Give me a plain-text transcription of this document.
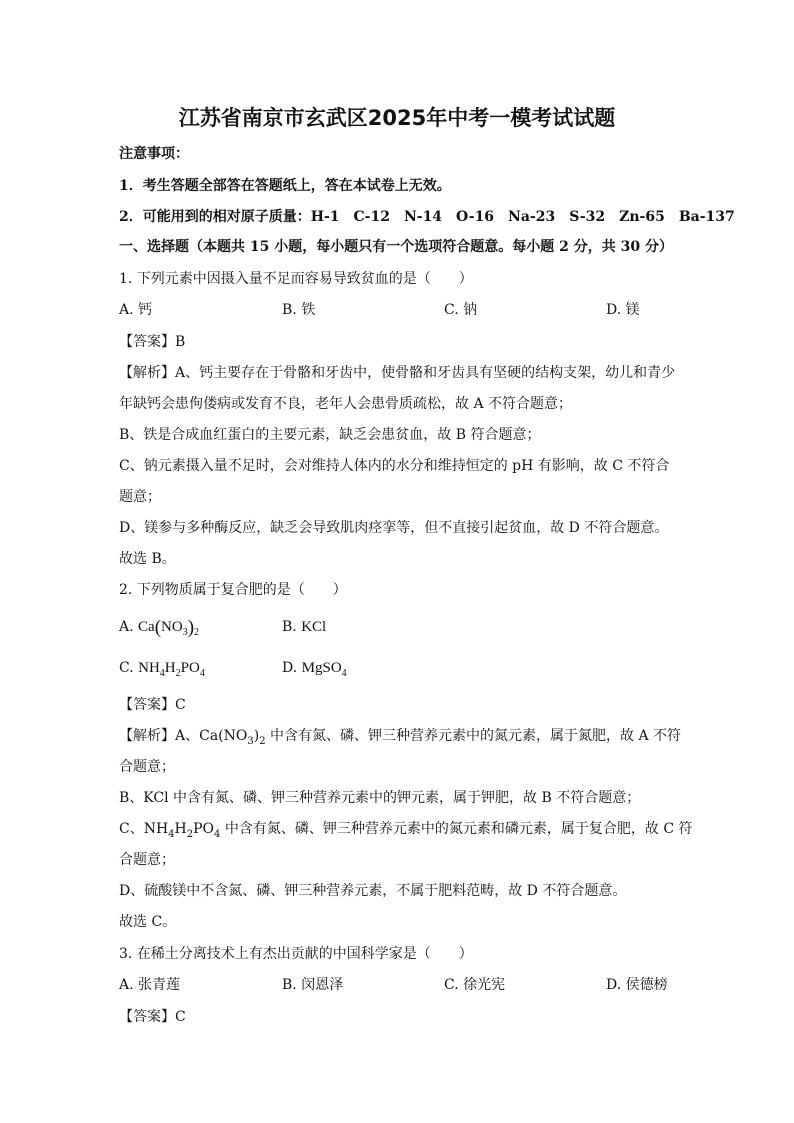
江苏省南京市玄武区2025年中考一模考试试题
注意事项：
1．考生答题全部答在答题纸上，答在本试卷上无效。
2．可能用到的相对原子质量：H-1　C-12　N-14　O-16　Na-23　S-32　Zn-65　Ba-137
一、选择题（本题共 15 小题，每小题只有一个选项符合题意。每小题 2 分，共 30 分）
1. 下列元素中因摄入量不足而容易导致贫血的是（　　）
A. 钙	B. 铁	C. 钠	D. 镁
【答案】B
【解析】A、钙主要存在于骨骼和牙齿中，使骨骼和牙齿具有坚硬的结构支架，幼儿和青少
年缺钙会患佝偻病或发育不良，老年人会患骨质疏松，故 A 不符合题意；
B、铁是合成血红蛋白的主要元素，缺乏会患贫血，故 B 符合题意；
C、钠元素摄入量不足时，会对维持人体内的水分和维持恒定的 pH 有影响，故 C 不符合
题意；
D、镁参与多种酶反应，缺乏会导致肌肉痉挛等，但不直接引起贫血，故 D 不符合题意。
故选 B。
2. 下列物质属于复合肥的是（　　）
A. $Ca(NO_3)_2$	B. KCl
C. $NH_4H_2PO_4$	D. MgSO$_4$
【答案】C
【解析】A、$Ca(NO_3)_2$ 中含有氮、磷、钾三种营养元素中的氮元素，属于氮肥，故 A 不符
合题意；
B、KCl 中含有氮、磷、钾三种营养元素中的钾元素，属于钾肥，故 B 不符合题意；
C、$NH_4H_2PO_4$ 中含有氮、磷、钾三种营养元素中的氮元素和磷元素，属于复合肥，故 C 符
合题意；
D、硫酸镁中不含氮、磷、钾三种营养元素，不属于肥料范畴，故 D 不符合题意。
故选 C。
3. 在稀土分离技术上有杰出贡献的中国科学家是（　　）
A. 张青莲	B. 闵恩泽	C. 徐光宪	D. 侯德榜
【答案】C
